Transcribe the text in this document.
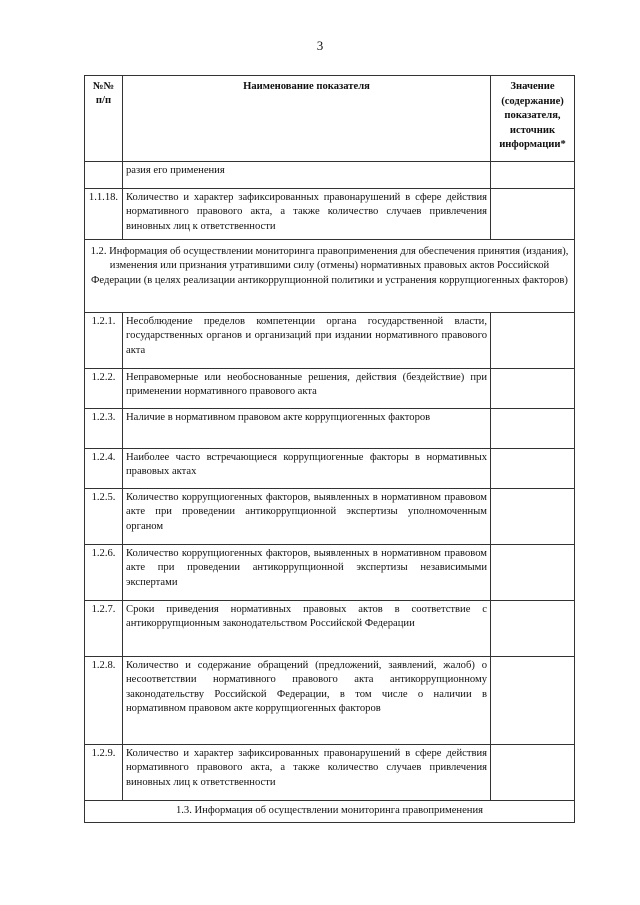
3
№№ п/п	Наименование показателя	Значение (содержание) показателя, источник информации*
	разия его применения	
1.1.18.	Количество и характер зафиксированных правонарушений в сфере действия нормативного правового акта, а также количество случаев привлечения виновных лиц к ответственности	
1.2. Информация об осуществлении мониторинга правоприменения для обеспечения принятия (издания), изменения или признания утратившими силу (отмены) нормативных правовых актов Российской Федерации (в целях реализации антикоррупционной политики и устранения коррупциогенных факторов)		
1.2.1.	Несоблюдение пределов компетенции органа государственной власти, государственных органов и организаций при издании нормативного правового акта	
1.2.2.	Неправомерные или необоснованные решения, действия (бездействие) при применении нормативного правового акта	
1.2.3.	Наличие в нормативном правовом акте коррупциогенных факторов	
1.2.4.	Наиболее часто встречающиеся коррупциогенные факторы в нормативных правовых актах	
1.2.5.	Количество коррупциогенных факторов, выявленных в нормативном правовом акте при проведении антикоррупционной экспертизы уполномоченным органом	
1.2.6.	Количество коррупциогенных факторов, выявленных в нормативном правовом акте при проведении антикоррупционной экспертизы независимыми экспертами	
1.2.7.	Сроки приведения нормативных правовых актов в соответствие с антикоррупционным законодательством Российской Федерации	
1.2.8.	Количество и содержание обращений (предложений, заявлений, жалоб) о несоответствии нормативного правового акта антикоррупционному законодательству Российской Федерации, в том числе о наличии в нормативном правовом акте коррупциогенных факторов	
1.2.9.	Количество и характер зафиксированных правонарушений в сфере действия нормативного правового акта, а также количество случаев привлечения виновных лиц к ответственности	
1.3. Информация об осуществлении мониторинга правоприменения		
